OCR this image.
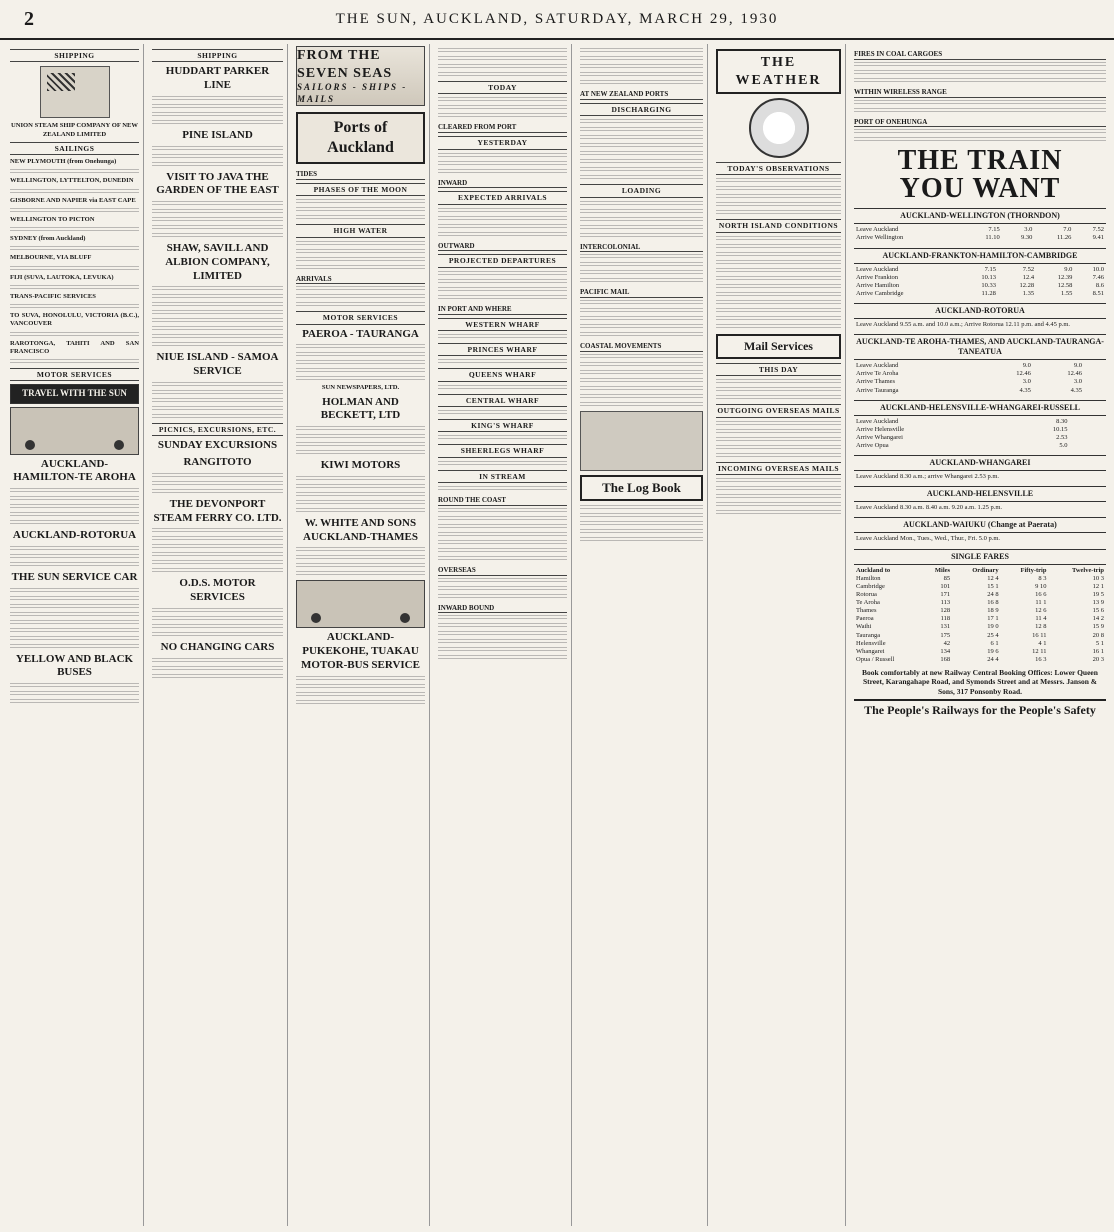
2	THE SUN, AUCKLAND, SATURDAY, MARCH 29, 1930
SHIPPING
UNION STEAM SHIP COMPANY OF NEW ZEALAND LIMITED
SAILINGS
NEW PLYMOUTH (from Onehunga)
WELLINGTON, LYTTELTON, DUNEDIN
GISBORNE AND NAPIER via EAST CAPE
WELLINGTON TO PICTON
SYDNEY (from Auckland)
MELBOURNE, VIA BLUFF
FIJI (SUVA, LAUTOKA, LEVUKA)
TRANS-PACIFIC SERVICES
TO SUVA, HONOLULU, VICTORIA (B.C.), VANCOUVER
RAROTONGA, TAHITI AND SAN FRANCISCO
MOTOR SERVICES
TRAVEL WITH THE SUN
AUCKLAND-HAMILTON-TE AROHA
AUCKLAND-ROTORUA
THE SUN SERVICE CAR
YELLOW AND BLACK BUSES
SHIPPING
HUDDART PARKER LINE
PINE ISLAND
VISIT TO JAVA THE GARDEN OF THE EAST
SHAW, SAVILL AND ALBION COMPANY, LIMITED
NIUE ISLAND - SAMOA SERVICE
PICNICS, EXCURSIONS, ETC.
SUNDAY EXCURSIONS
RANGITOTO
THE DEVONPORT STEAM FERRY CO. LTD.
O.D.S. MOTOR SERVICES
NO CHANGING CARS
FROM THE SEVEN SEAS
SAILORS - SHIPS - MAILS
Ports of Auckland
TIDES
PHASES OF THE MOON
HIGH WATER
ARRIVALS
MOTOR SERVICES
PAEROA - TAURANGA
SUN NEWSPAPERS, LTD.
HOLMAN AND BECKETT, LTD
KIWI MOTORS
W. WHITE AND SONS AUCKLAND-THAMES
AUCKLAND-PUKEKOHE, TUAKAU MOTOR-BUS SERVICE
TODAY
CLEARED FROM PORT
YESTERDAY
INWARD
EXPECTED ARRIVALS
OUTWARD
PROJECTED DEPARTURES
IN PORT AND WHERE
WESTERN WHARF
PRINCES WHARF
QUEENS WHARF
CENTRAL WHARF
KING'S WHARF
SHEERLEGS WHARF
IN STREAM
ROUND THE COAST
OVERSEAS
INWARD BOUND
AT NEW ZEALAND PORTS
DISCHARGING
LOADING
INTERCOLONIAL
PACIFIC MAIL
COASTAL MOVEMENTS
The Log Book
THE WEATHER
TODAY'S OBSERVATIONS
NORTH ISLAND CONDITIONS
Mail Services
THIS DAY
OUTGOING OVERSEAS MAILS
INCOMING OVERSEAS MAILS
FIRES IN COAL CARGOES
WITHIN WIRELESS RANGE
PORT OF ONEHUNGA
THE TRAIN
YOU WANT
AUCKLAND-WELLINGTON (THORNDON)
Leave Auckland	7.15	3.0	7.0	7.52
Arrive Wellington	11.10	9.30	11.26	9.41
AUCKLAND-FRANKTON-HAMILTON-CAMBRIDGE
Leave Auckland	7.15	7.52	9.0	10.0
Arrive Frankton	10.13	12.4	12.39	7.46
Arrive Hamilton	10.33	12.28	12.58	8.6
Arrive Cambridge	11.28	1.35	1.55	8.51
AUCKLAND-ROTORUA
Leave Auckland 9.55 a.m. and 10.0 a.m.; Arrive Rotorua 12.11 p.m. and 4.45 p.m.				
AUCKLAND-TE AROHA-THAMES, AND AUCKLAND-TAURANGA-TANEATUA
Leave Auckland	9.0	9.0		
Arrive Te Aroha	12.46	12.46		
Arrive Thames	3.0	3.0		
Arrive Tauranga	4.35	4.35		
AUCKLAND-HELENSVILLE-WHANGAREI-RUSSELL
Leave Auckland	8.30			
Arrive Helensville	10.15			
Arrive Whangarei	2.53			
Arrive Opua	5.0			
AUCKLAND-WHANGAREI
Leave Auckland 8.30 a.m.; arrive Whangarei 2.53 p.m.				
AUCKLAND-HELENSVILLE
Leave Auckland 8.30 a.m. 8.40 a.m. 9.20 a.m. 1.25 p.m.				
AUCKLAND-WAIUKU (Change at Paerata)
Leave Auckland Mon., Tues., Wed., Thur., Fri. 5.0 p.m.				
SINGLE FARES
Auckland to	Miles	Ordinary	Fifty-trip	Twelve-trip
Hamilton	85	12 4	8 3	10 3
Cambridge	101	15 1	9 10	12 1
Rotorua	171	24 8	16 6	19 5
Te Aroha	113	16 8	11 1	13 9
Thames	128	18 9	12 6	15 6
Paeroa	118	17 1	11 4	14 2
Waihi	131	19 0	12 8	15 9
Tauranga	175	25 4	16 11	20 8
Helensville	42	6 1	4 1	5 1
Whangarei	134	19 6	12 11	16 1
Opua / Russell	168	24 4	16 3	20 3
Book comfortably at new Railway Central Booking Offices: Lower Queen Street, Karangahape Road, and Symonds Street and at Messrs. Janson & Sons, 317 Ponsonby Road.
The People's Railways for the People's Safety
